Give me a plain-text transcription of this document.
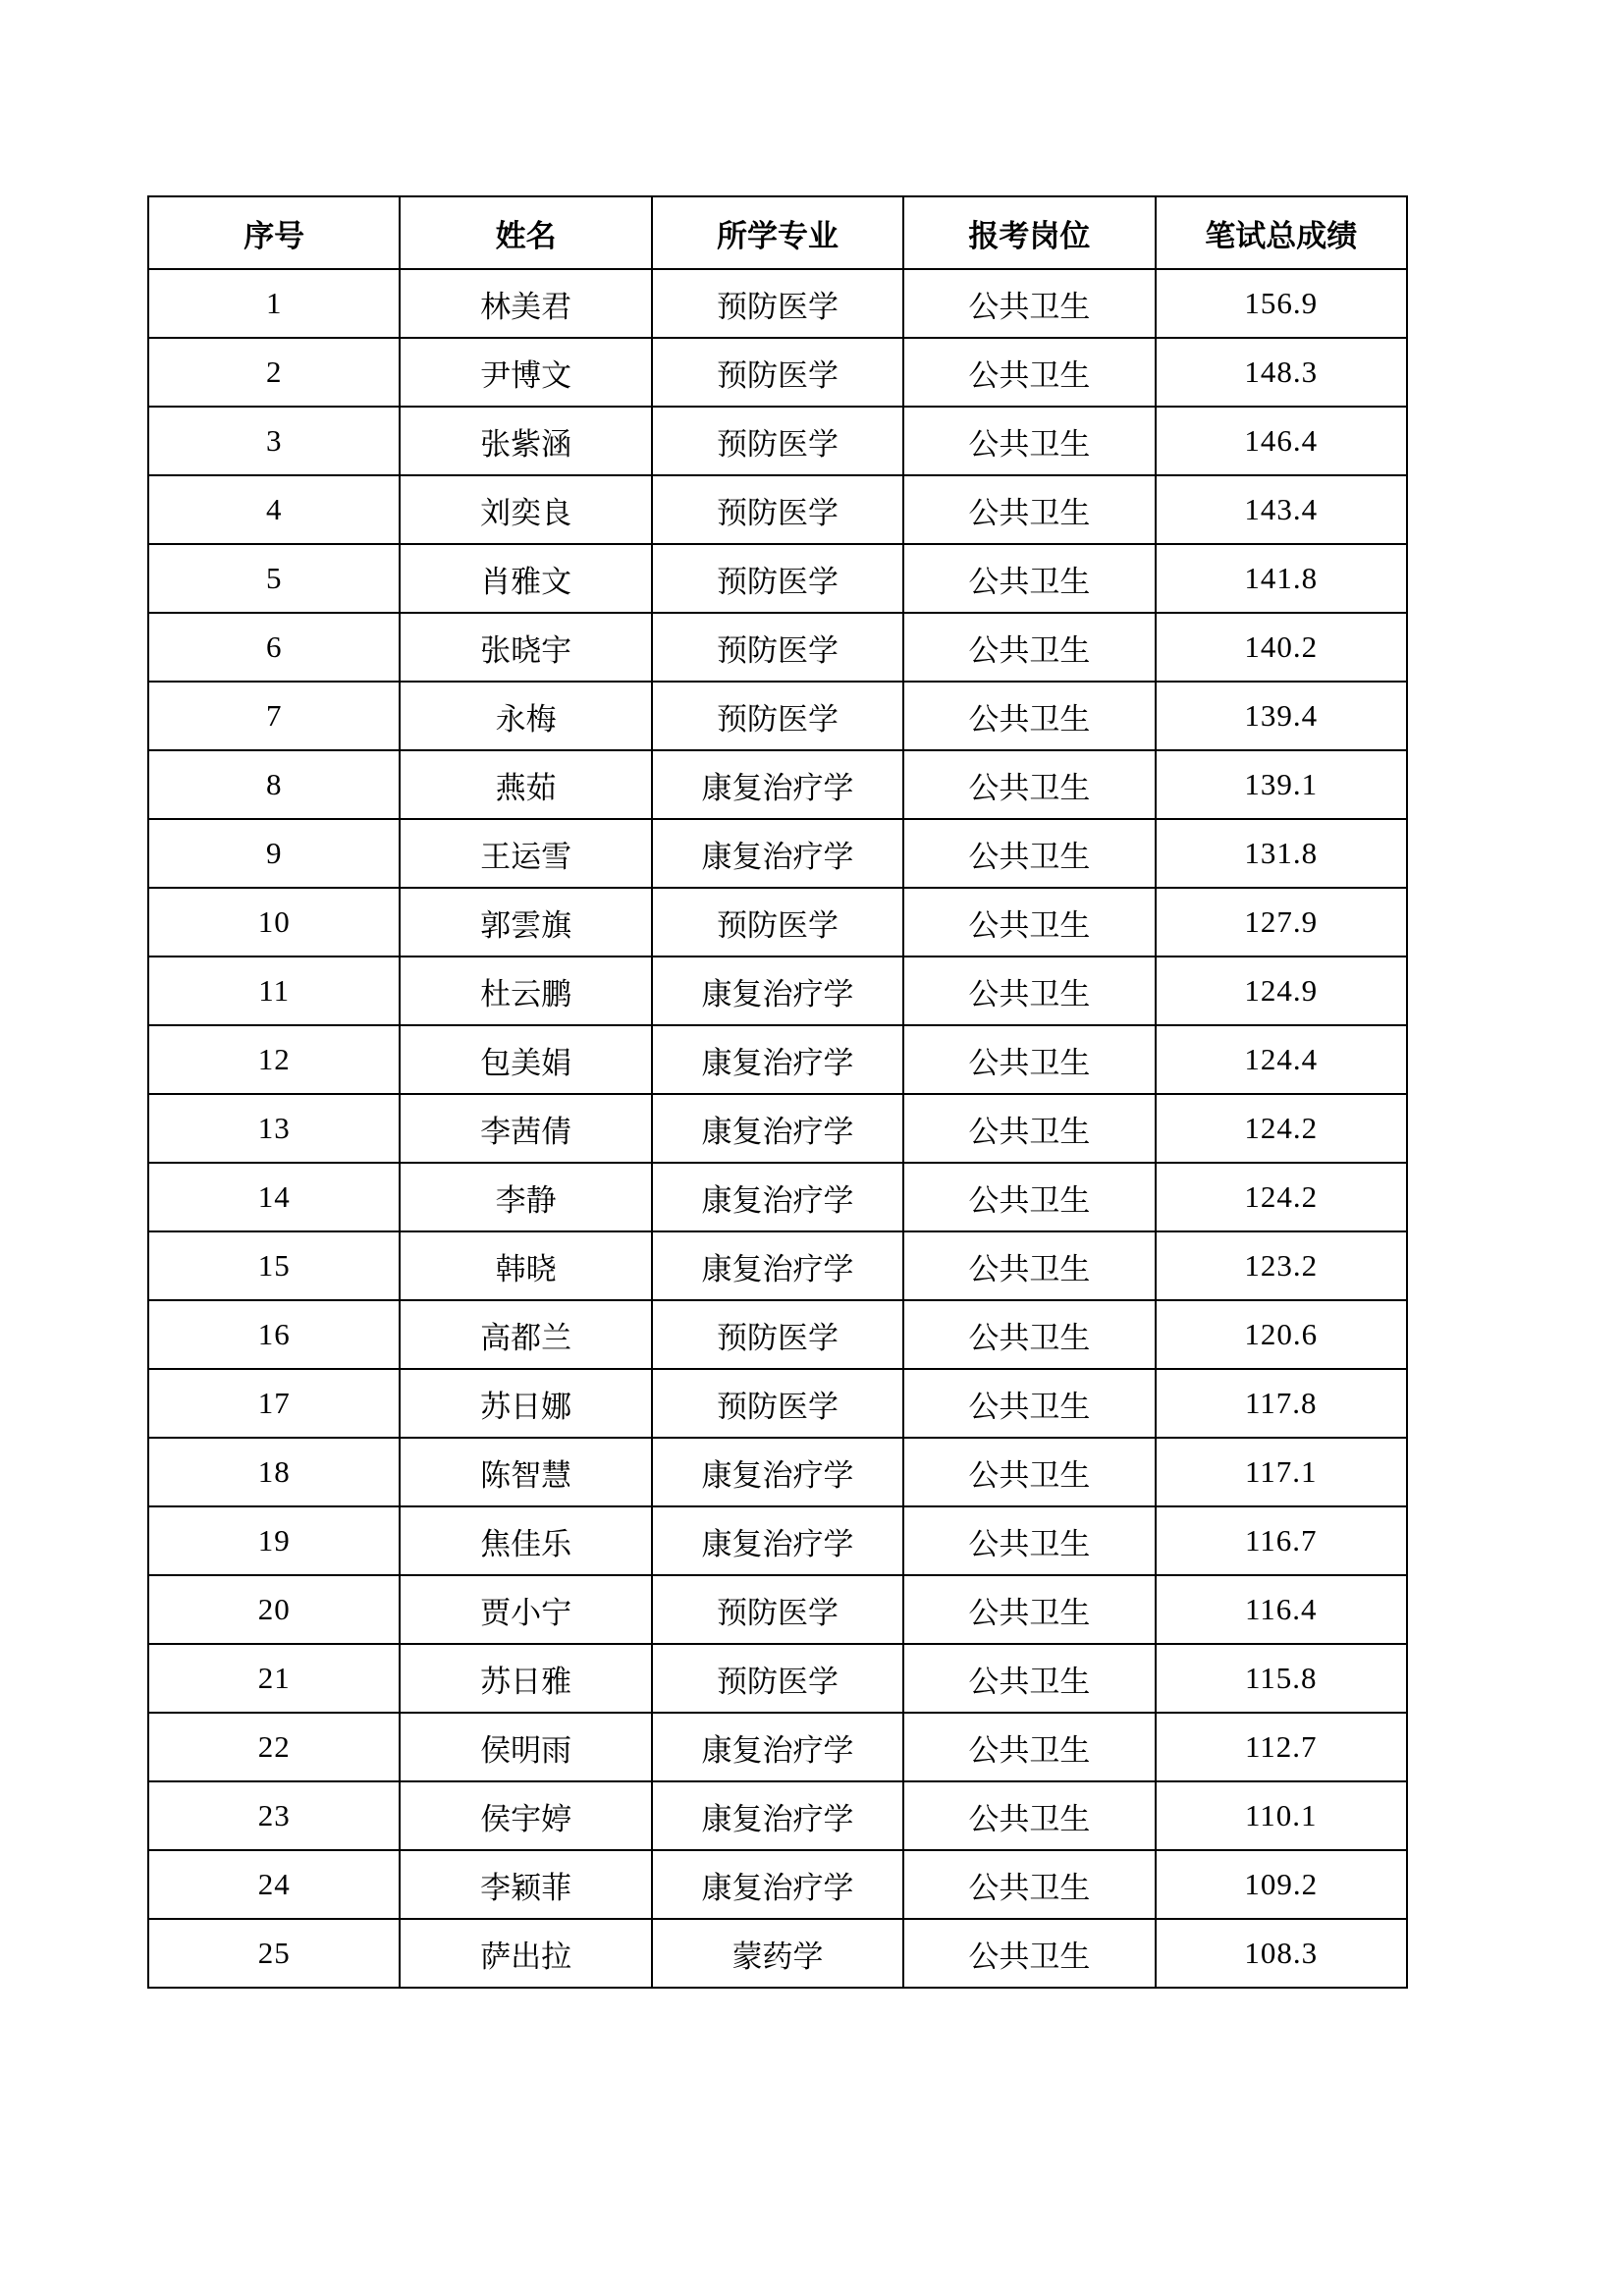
序号	姓名	所学专业	报考岗位	笔试总成绩
1	林美君	预防医学	公共卫生	156.9
2	尹博文	预防医学	公共卫生	148.3
3	张紫涵	预防医学	公共卫生	146.4
4	刘奕良	预防医学	公共卫生	143.4
5	肖雅文	预防医学	公共卫生	141.8
6	张晓宇	预防医学	公共卫生	140.2
7	永梅	预防医学	公共卫生	139.4
8	燕茹	康复治疗学	公共卫生	139.1
9	王运雪	康复治疗学	公共卫生	131.8
10	郭雲旗	预防医学	公共卫生	127.9
11	杜云鹏	康复治疗学	公共卫生	124.9
12	包美娟	康复治疗学	公共卫生	124.4
13	李茜倩	康复治疗学	公共卫生	124.2
14	李静	康复治疗学	公共卫生	124.2
15	韩晓	康复治疗学	公共卫生	123.2
16	高都兰	预防医学	公共卫生	120.6
17	苏日娜	预防医学	公共卫生	117.8
18	陈智慧	康复治疗学	公共卫生	117.1
19	焦佳乐	康复治疗学	公共卫生	116.7
20	贾小宁	预防医学	公共卫生	116.4
21	苏日雅	预防医学	公共卫生	115.8
22	侯明雨	康复治疗学	公共卫生	112.7
23	侯宇婷	康复治疗学	公共卫生	110.1
24	李颖菲	康复治疗学	公共卫生	109.2
25	萨出拉	蒙药学	公共卫生	108.3
